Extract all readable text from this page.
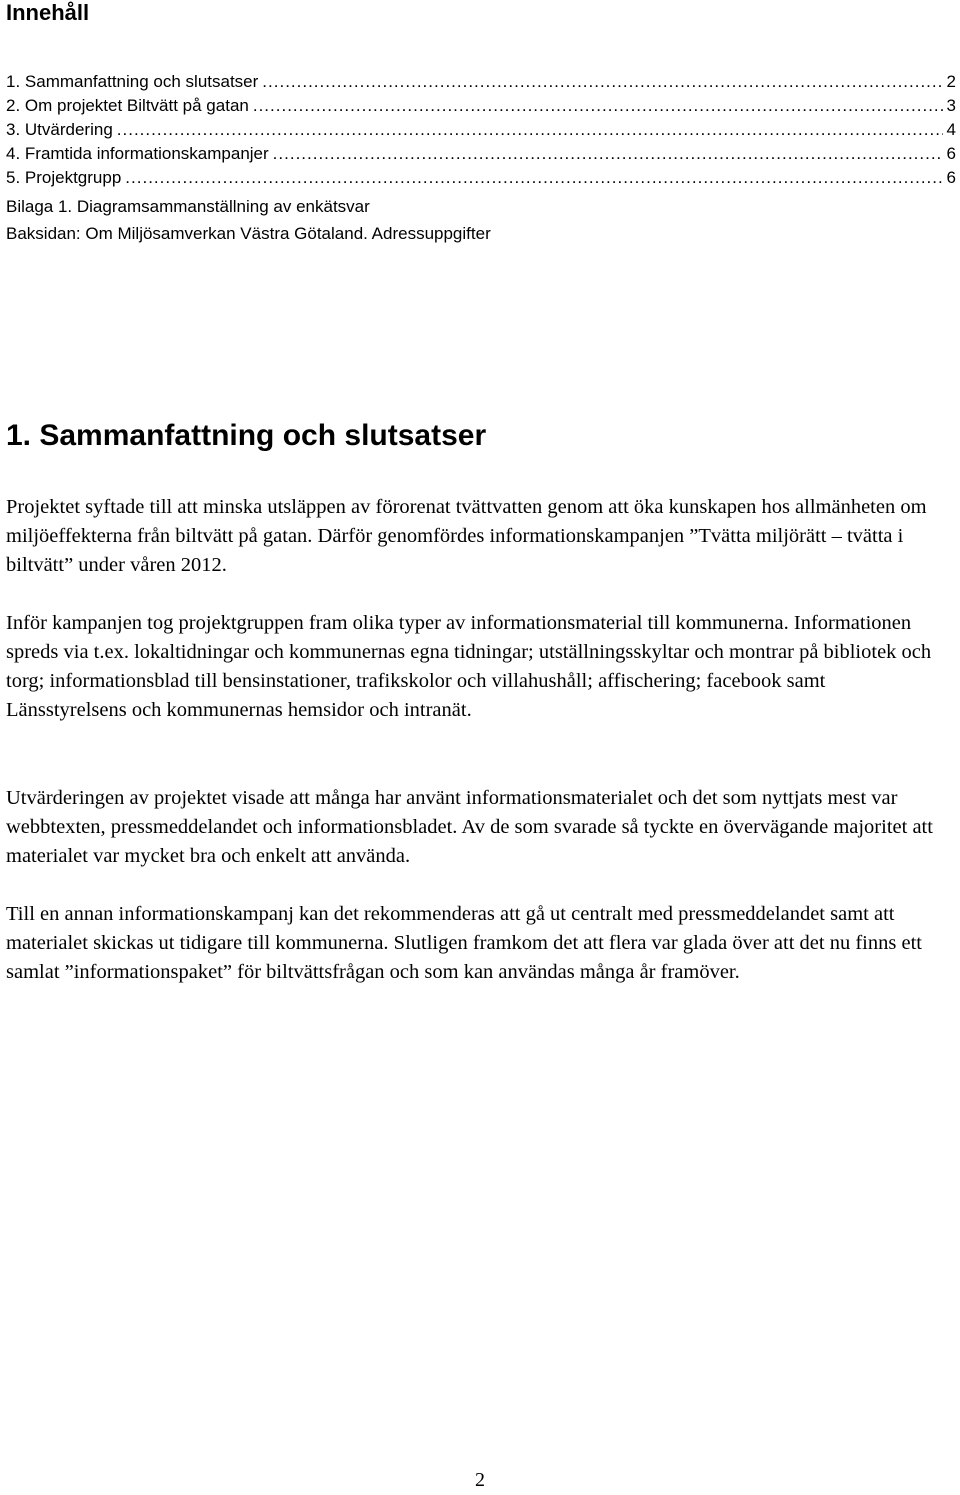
Innehåll
1. Sammanfattning och slutsatser .....	2
2. Om projektet Biltvätt på gatan .....	3
3. Utvärdering .....	4
4. Framtida informationskampanjer .....	6
5. Projektgrupp .....	6
Bilaga 1. Diagramsammanställning av enkätsvar
Baksidan: Om Miljösamverkan Västra Götaland. Adressuppgifter
1. Sammanfattning och slutsatser

Projektet syftade till att minska utsläppen av förorenat tvättvatten genom att öka kunskapen hos allmänheten om miljöeffekterna från biltvätt på gatan. Därför genomfördes informationskampanjen ”Tvätta miljörätt – tvätta i biltvätt” under våren 2012.

Inför kampanjen tog projektgruppen fram olika typer av informationsmaterial till kommunerna. Informationen spreds via t.ex. lokaltidningar och kommunernas egna tidningar; utställningsskyltar och montrar på bibliotek och torg; informationsblad till bensinstationer, trafikskolor och villahushåll; affischering; facebook samt Länsstyrelsens och kommunernas hemsidor och intranät.

Utvärderingen av projektet visade att många har använt informationsmaterialet och det som nyttjats mest var webbtexten, pressmeddelandet och informationsbladet. Av de som svarade så tyckte en övervägande majoritet att materialet var mycket bra och enkelt att använda.

Till en annan informationskampanj kan det rekommenderas att gå ut centralt med pressmeddelandet samt att materialet skickas ut tidigare till kommunerna. Slutligen framkom det att flera var glada över att det nu finns ett samlat ”informationspaket” för biltvättsfrågan och som kan användas många år framöver.

2
